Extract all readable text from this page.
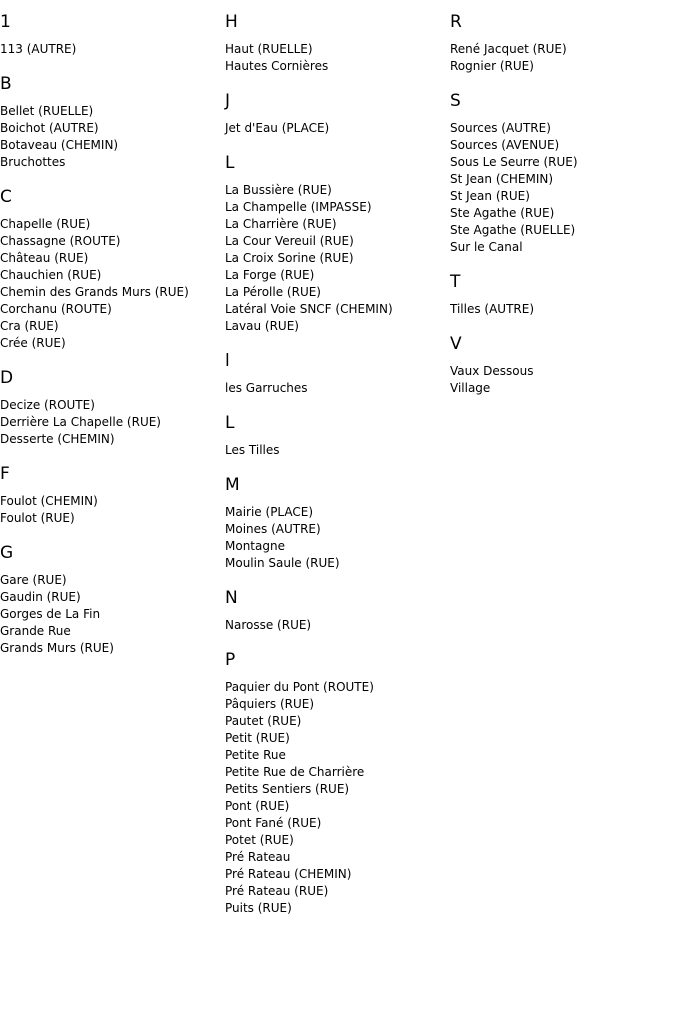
1
113 (AUTRE)
B
Bellet (RUELLE)
Boichot (AUTRE)
Botaveau (CHEMIN)
Bruchottes
C
Chapelle (RUE)
Chassagne (ROUTE)
Château (RUE)
Chauchien (RUE)
Chemin des Grands Murs (RUE)
Corchanu (ROUTE)
Cra (RUE)
Crée (RUE)
D
Decize (ROUTE)
Derrière La Chapelle (RUE)
Desserte (CHEMIN)
F
Foulot (CHEMIN)
Foulot (RUE)
G
Gare (RUE)
Gaudin (RUE)
Gorges de La Fin
Grande Rue
Grands Murs (RUE)
H
Haut (RUELLE)
Hautes Cornières
J
Jet d'Eau (PLACE)
L
La Bussière (RUE)
La Champelle (IMPASSE)
La Charrière (RUE)
La Cour Vereuil (RUE)
La Croix Sorine (RUE)
La Forge (RUE)
La Pérolle (RUE)
Latéral Voie SNCF (CHEMIN)
Lavau (RUE)
l
les Garruches
L
Les Tilles
M
Mairie (PLACE)
Moines (AUTRE)
Montagne
Moulin Saule (RUE)
N
Narosse (RUE)
P
Paquier du Pont (ROUTE)
Pâquiers (RUE)
Pautet (RUE)
Petit (RUE)
Petite Rue
Petite Rue de Charrière
Petits Sentiers (RUE)
Pont (RUE)
Pont Fané (RUE)
Potet (RUE)
Pré Rateau
Pré Rateau (CHEMIN)
Pré Rateau (RUE)
Puits (RUE)
R
René Jacquet (RUE)
Rognier (RUE)
S
Sources (AUTRE)
Sources (AVENUE)
Sous Le Seurre (RUE)
St Jean (CHEMIN)
St Jean (RUE)
Ste Agathe (RUE)
Ste Agathe (RUELLE)
Sur le Canal
T
Tilles (AUTRE)
V
Vaux Dessous
Village
